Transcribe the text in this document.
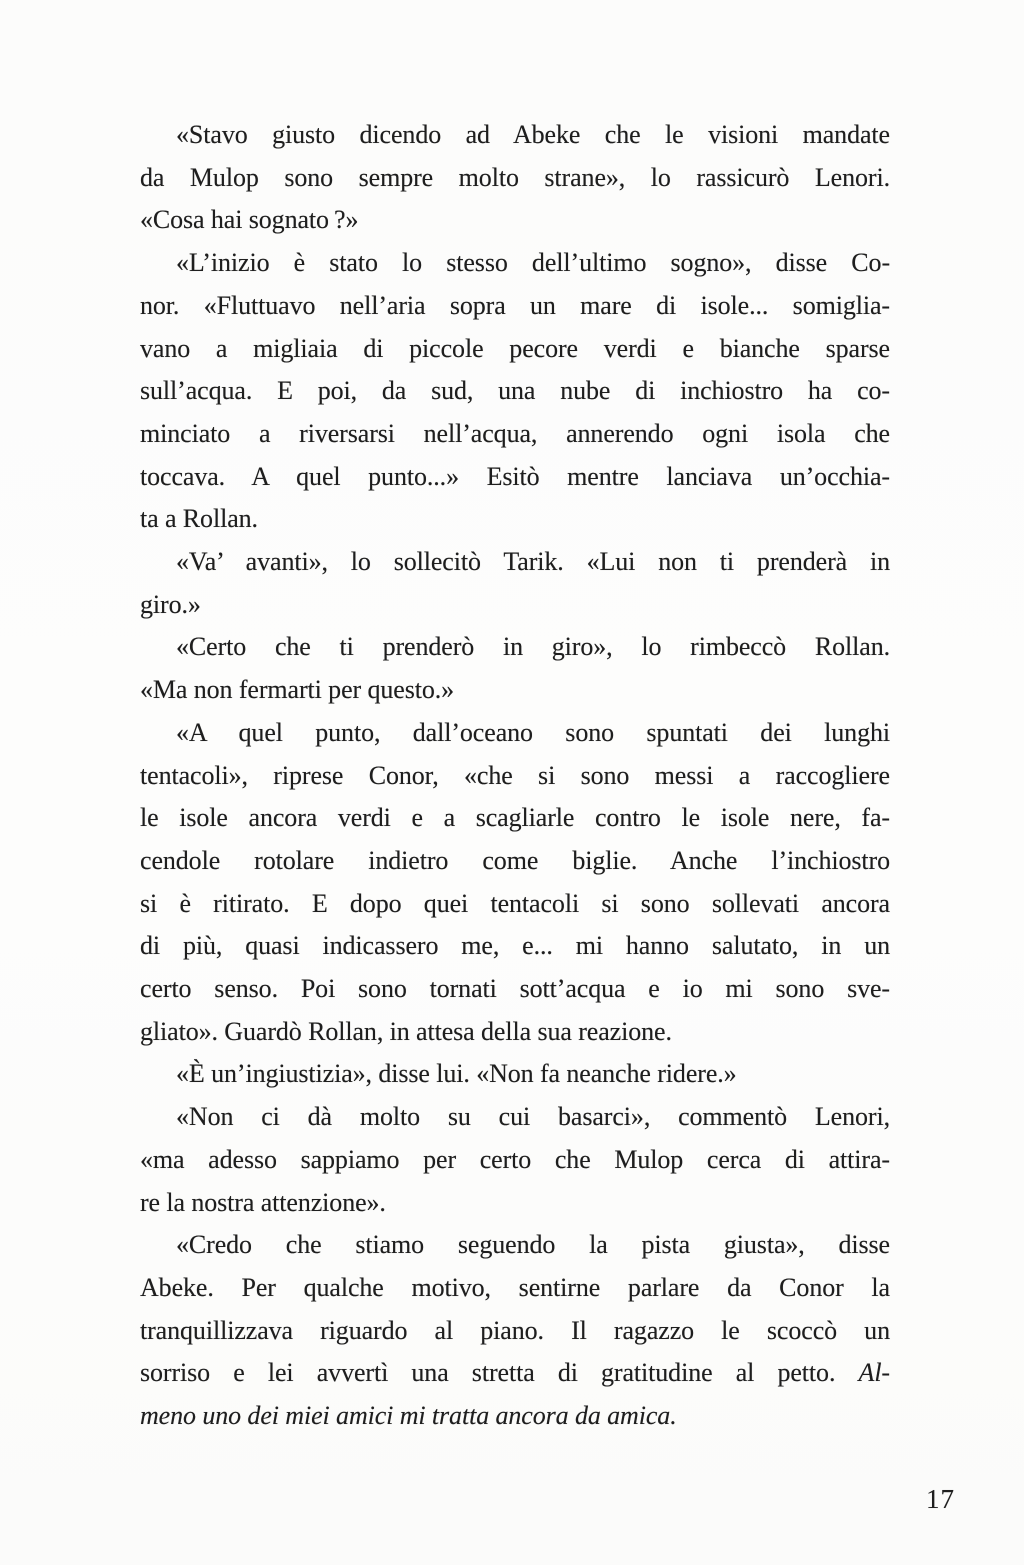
«Stavo giusto dicendo ad Abeke che le visioni mandate
da Mulop sono sempre molto strane», lo rassicurò Lenori.
«Cosa hai sognato ?»
«L’inizio è stato lo stesso dell’ultimo sogno», disse Co-
nor. «Fluttuavo nell’aria sopra un mare di isole... somiglia-
vano a migliaia di piccole pecore verdi e bianche sparse
sull’acqua. E poi, da sud, una nube di inchiostro ha co-
minciato a riversarsi nell’acqua, annerendo ogni isola che
toccava. A quel punto...» Esitò mentre lanciava un’occhia-
ta a Rollan.
«Va’ avanti», lo sollecitò Tarik. «Lui non ti prenderà in
giro.»
«Certo che ti prenderò in giro», lo rimbeccò Rollan.
«Ma non fermarti per questo.»
«A quel punto, dall’oceano sono spuntati dei lunghi
tentacoli», riprese Conor, «che si sono messi a raccogliere
le isole ancora verdi e a scagliarle contro le isole nere, fa-
cendole rotolare indietro come biglie. Anche l’inchiostro
si è ritirato. E dopo quei tentacoli si sono sollevati ancora
di più, quasi indicassero me, e... mi hanno salutato, in un
certo senso. Poi sono tornati sott’acqua e io mi sono sve-
gliato». Guardò Rollan, in attesa della sua reazione.
«È un’ingiustizia», disse lui. «Non fa neanche ridere.»
«Non ci dà molto su cui basarci», commentò Lenori,
«ma adesso sappiamo per certo che Mulop cerca di attira-
re la nostra attenzione».
«Credo che stiamo seguendo la pista giusta», disse
Abeke. Per qualche motivo, sentirne parlare da Conor la
tranquillizzava riguardo al piano. Il ragazzo le scoccò un
sorriso e lei avvertì una stretta di gratitudine al petto. Al-
meno uno dei miei amici mi tratta ancora da amica.
17
